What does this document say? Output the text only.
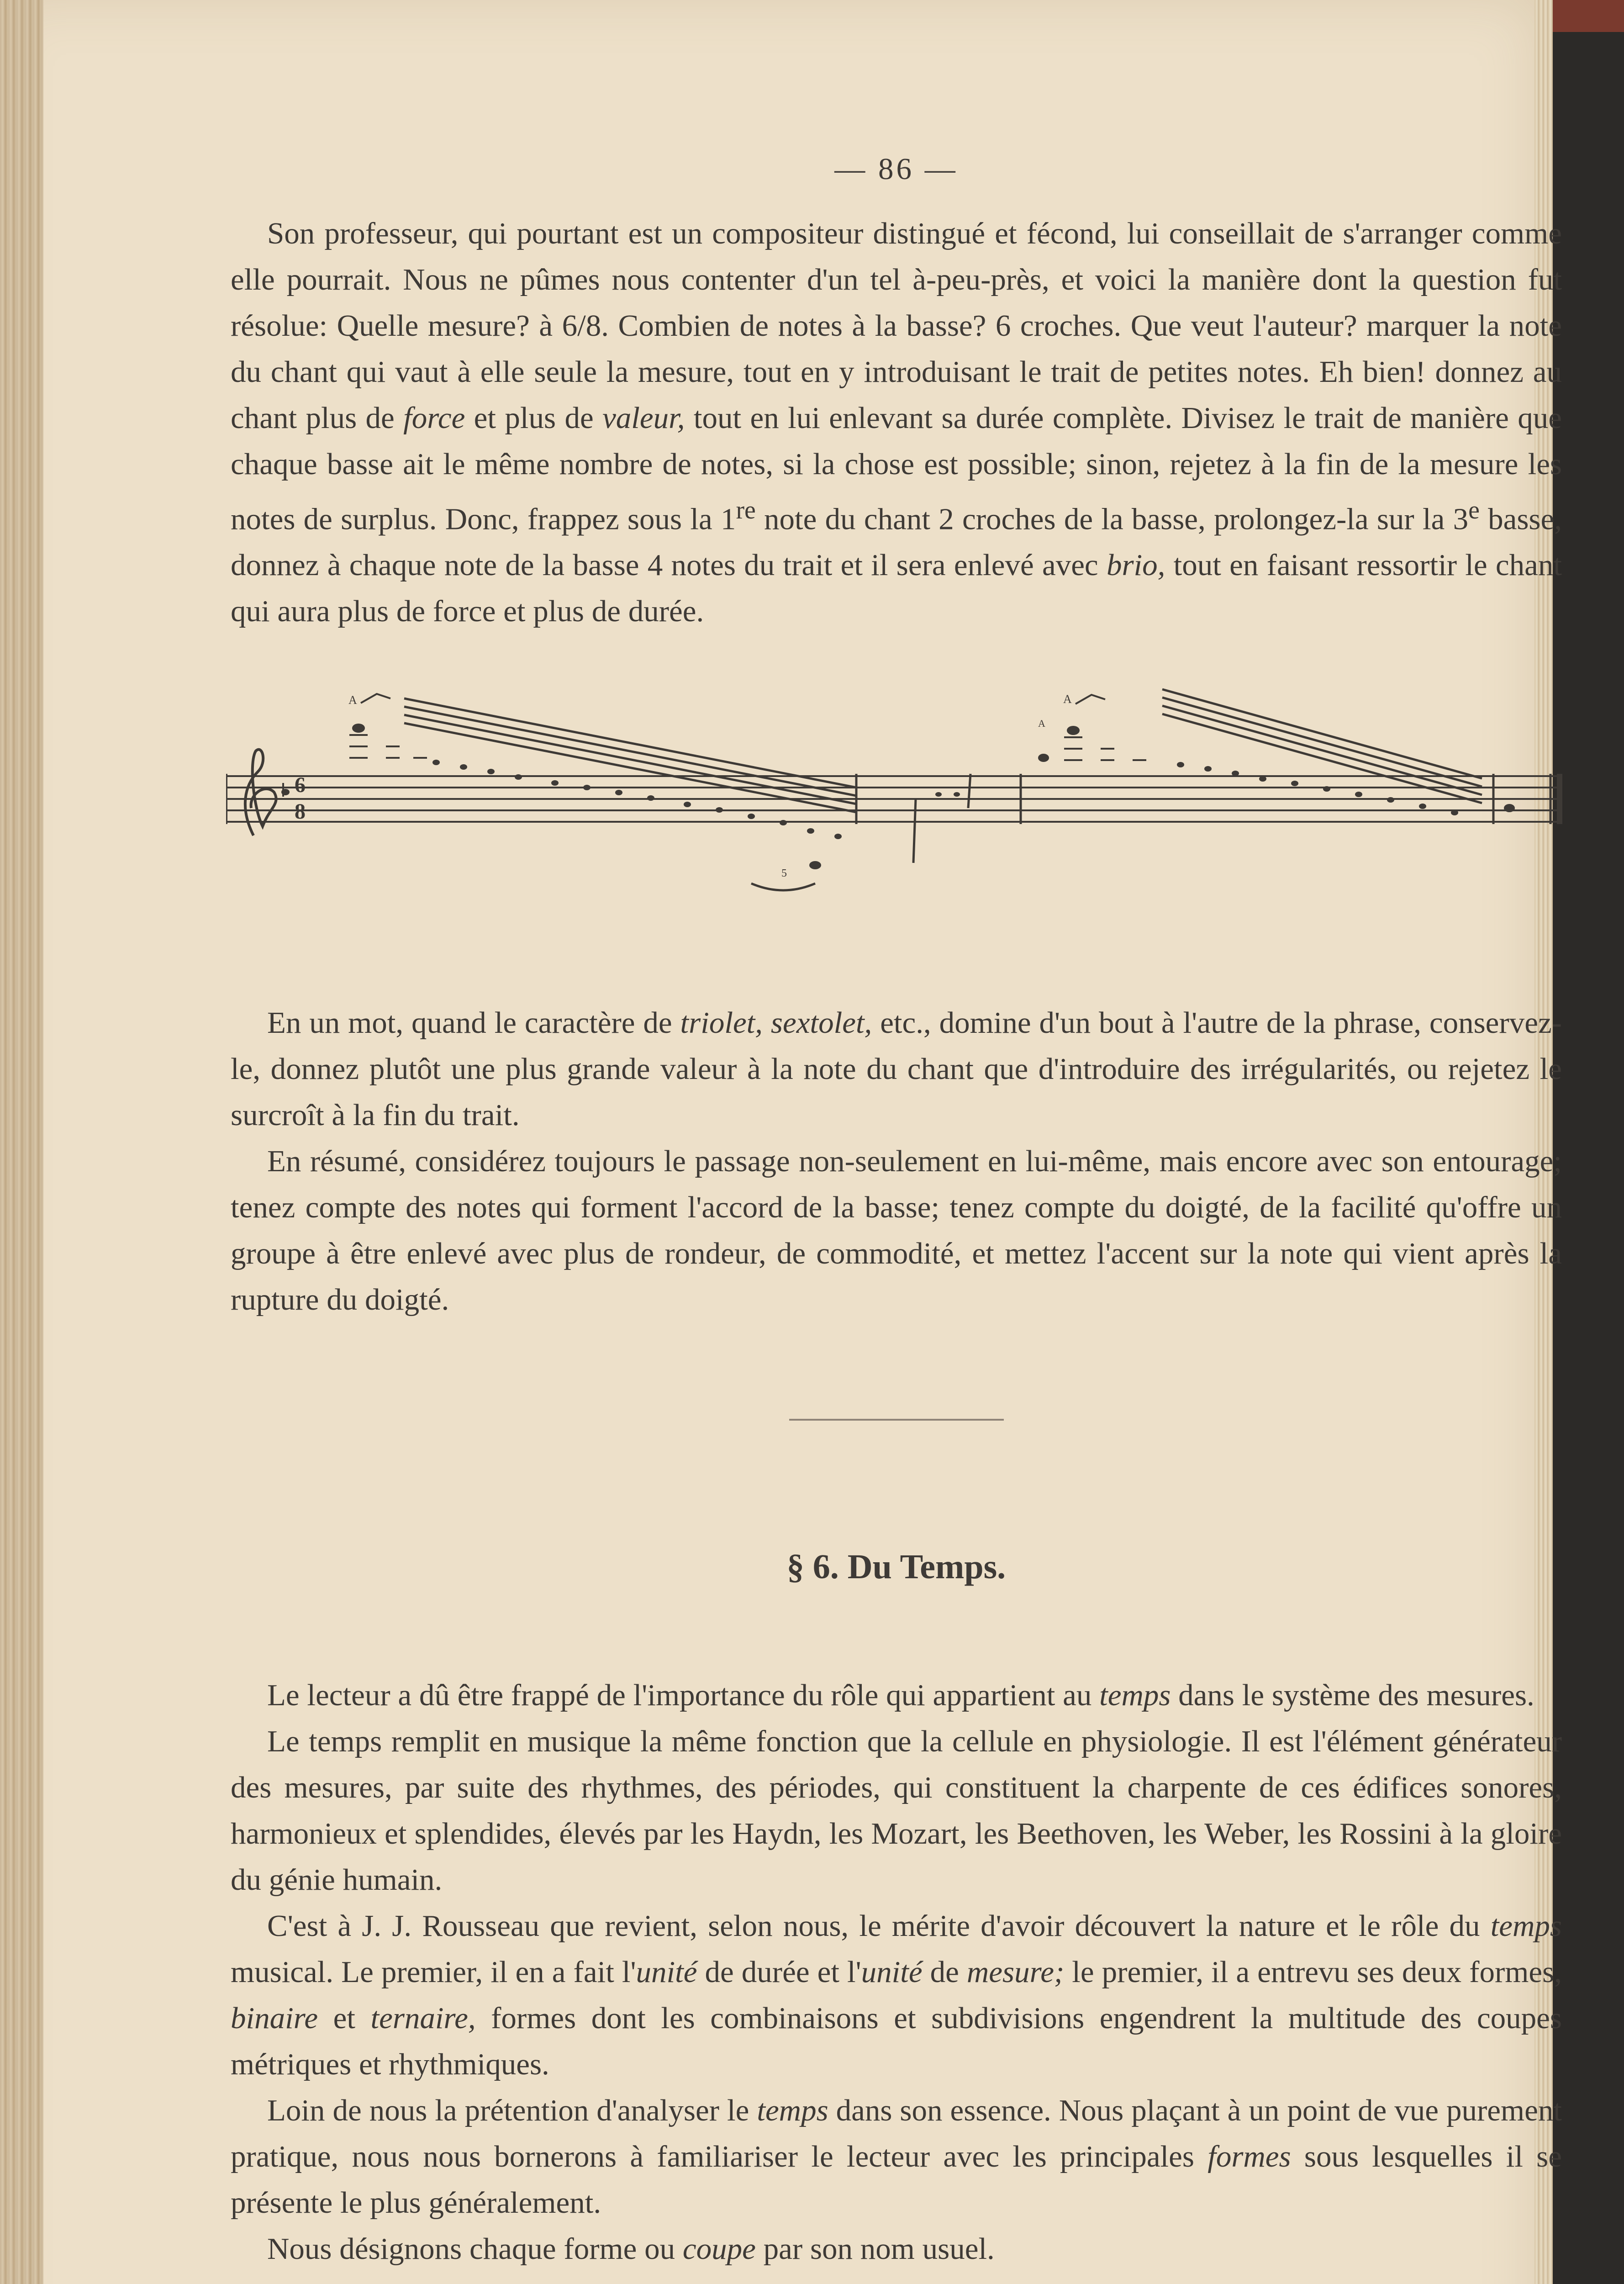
— 86 —

Son professeur, qui pourtant est un compositeur distingué et fécond, lui conseillait de s'arranger comme elle pourrait. Nous ne pûmes nous contenter d'un tel à-peu-près, et voici la manière dont la question fut résolue: Quelle mesure? à 6/8. Combien de notes à la basse? 6 croches. Que veut l'auteur? marquer la note du chant qui vaut à elle seule la mesure, tout en y introduisant le trait de petites notes. Eh bien! donnez au chant plus de force et plus de valeur, tout en lui enlevant sa durée complète. Divisez le trait de manière que chaque basse ait le même nombre de notes, si la chose est possible; sinon, rejetez à la fin de la mesure les notes de surplus. Donc, frappez sous la 1re note du chant 2 croches de la basse, prolongez-la sur la 3e basse, donnez à chaque note de la basse 4 notes du trait et il sera enlevé avec brio, tout en faisant ressortir le chant qui aura plus de force et plus de durée.

6
8
A	A
A
5

En un mot, quand le caractère de triolet, sextolet, etc., domine d'un bout à l'autre de la phrase, conservez-le, donnez plutôt une plus grande valeur à la note du chant que d'introduire des irrégularités, ou rejetez le surcroît à la fin du trait.

En résumé, considérez toujours le passage non-seulement en lui-même, mais encore avec son entourage; tenez compte des notes qui forment l'accord de la basse; tenez compte du doigté, de la facilité qu'offre un groupe à être enlevé avec plus de rondeur, de commodité, et mettez l'accent sur la note qui vient après la rupture du doigté.

§ 6. Du Temps.

Le lecteur a dû être frappé de l'importance du rôle qui appartient au temps dans le système des mesures.

Le temps remplit en musique la même fonction que la cellule en physiologie. Il est l'élément générateur des mesures, par suite des rhythmes, des périodes, qui constituent la charpente de ces édifices sonores, harmonieux et splendides, élevés par les Haydn, les Mozart, les Beethoven, les Weber, les Rossini à la gloire du génie humain.

C'est à J. J. Rousseau que revient, selon nous, le mérite d'avoir découvert la nature et le rôle du temps musical. Le premier, il en a fait l'unité de durée et l'unité de mesure; le premier, il a entrevu ses deux formes, binaire et ternaire, formes dont les combinaisons et subdivisions engendrent la multitude des coupes métriques et rhythmiques.

Loin de nous la prétention d'analyser le temps dans son essence. Nous plaçant à un point de vue purement pratique, nous nous bornerons à familiariser le lecteur avec les principales formes sous lesquelles il se présente le plus généralement.

Nous désignons chaque forme ou coupe par son nom usuel.
